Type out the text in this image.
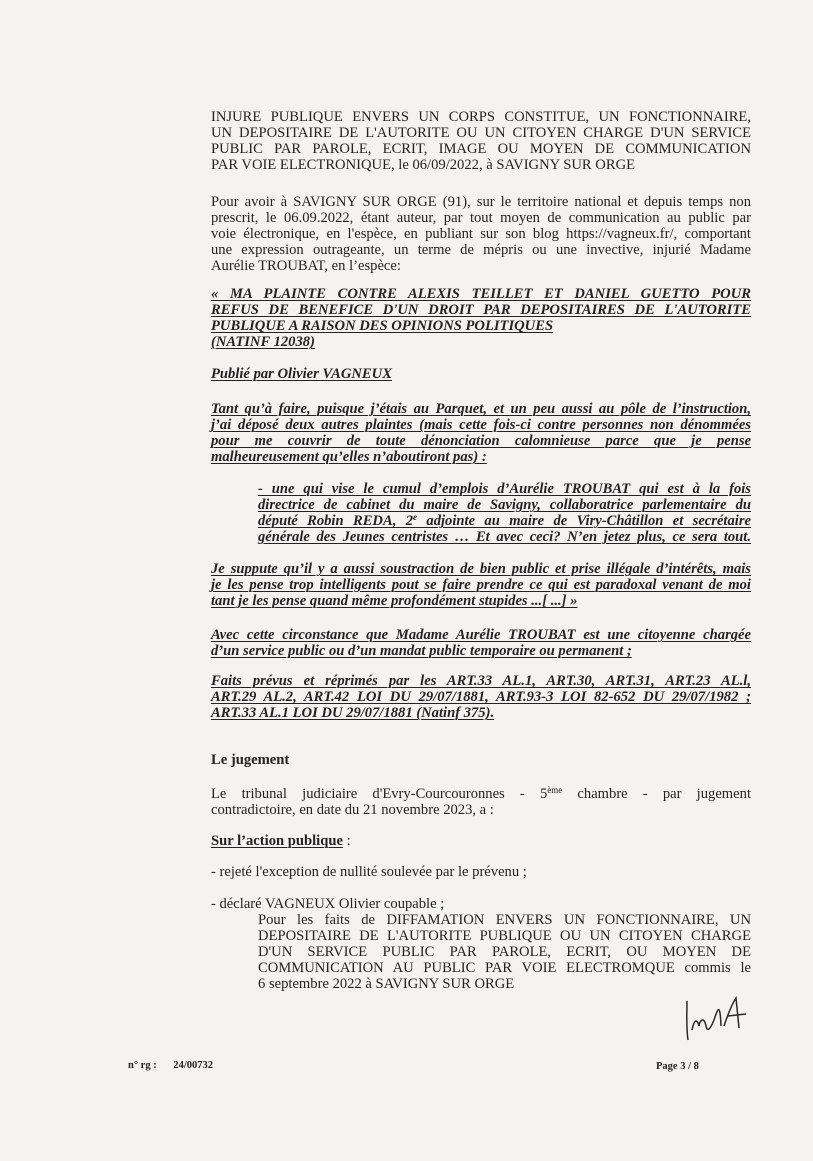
INJURE PUBLIQUE ENVERS UN CORPS CONSTITUE, UN FONCTIONNAIRE,
UN DEPOSITAIRE DE L'AUTORITE OU UN CITOYEN CHARGE D'UN SERVICE
PUBLIC PAR PAROLE, ECRIT, IMAGE OU MOYEN DE COMMUNICATION
PAR VOIE ELECTRONIQUE, le 06/09/2022, à SAVIGNY SUR ORGE
Pour avoir à SAVIGNY SUR ORGE (91), sur le territoire national et depuis temps non
prescrit, le 06.09.2022, étant auteur, par tout moyen de communication au public par
voie électronique, en l'espèce, en publiant sur son blog https://vagneux.fr/, comportant
une expression outrageante, un terme de mépris ou une invective, injurié Madame
Aurélie TROUBAT, en l’espèce:
« MA PLAINTE CONTRE ALEXIS TEILLET ET DANIEL GUETTO POUR
REFUS DE BENEFICE D'UN DROIT PAR DEPOSITAIRES DE L'AUTORITE
PUBLIQUE A RAISON DES OPINIONS POLITIQUES
(NATINF 12038)
Publié par Olivier VAGNEUX
Tant qu’à faire, puisque j’étais au Parquet, et un peu aussi au pôle de l’instruction,
j’ai déposé deux autres plaintes (mais cette fois-ci contre personnes non dénommées
pour me couvrir de toute dénonciation calomnieuse parce que je pense
malheureusement qu’elles n’aboutiront pas) :
- une qui vise le cumul d’emplois d’Aurélie TROUBAT qui est à la fois
directrice de cabinet du maire de Savigny, collaboratrice parlementaire du
député Robin REDA, 2e adjointe au maire de Viry-Châtillon et secrétaire
générale des Jeunes centristes … Et avec ceci? N’en jetez plus, ce sera tout.
Je suppute qu’il y a aussi soustraction de bien public et prise illégale d’intérêts, mais
je les pense trop intelligents pout se faire prendre ce qui est paradoxal venant de moi
tant je les pense quand même profondément stupides ...[ ...] »
Avec cette circonstance que Madame Aurélie TROUBAT est une citoyenne chargée
d’un service public ou d’un mandat public temporaire ou permanent ;
Faits prévus et réprimés par les ART.33 AL.1, ART.30, ART.31, ART.23 AL.l,
ART.29 AL.2, ART.42 LOI DU 29/07/1881, ART.93-3 LOI 82-652 DU 29/07/1982 ;
ART.33 AL.1 LOI DU 29/07/1881 (Natinf 375).
Le jugement
Le tribunal judiciaire d'Evry-Courcouronnes - 5ème chambre - par jugement
contradictoire, en date du 21 novembre 2023, a :
Sur l’action publique :
- rejeté l'exception de nullité soulevée par le prévenu ;
- déclaré VAGNEUX Olivier coupable ;
Pour les faits de DIFFAMATION ENVERS UN FONCTIONNAIRE, UN
DEPOSITAIRE DE L'AUTORITE PUBLIQUE OU UN CITOYEN CHARGE
D'UN SERVICE PUBLIC PAR PAROLE, ECRIT, OU MOYEN DE
COMMUNICATION AU PUBLIC PAR VOIE ELECTROMQUE commis le
6 septembre 2022 à SAVIGNY SUR ORGE
n° rg : 24/00732	Page 3 / 8
